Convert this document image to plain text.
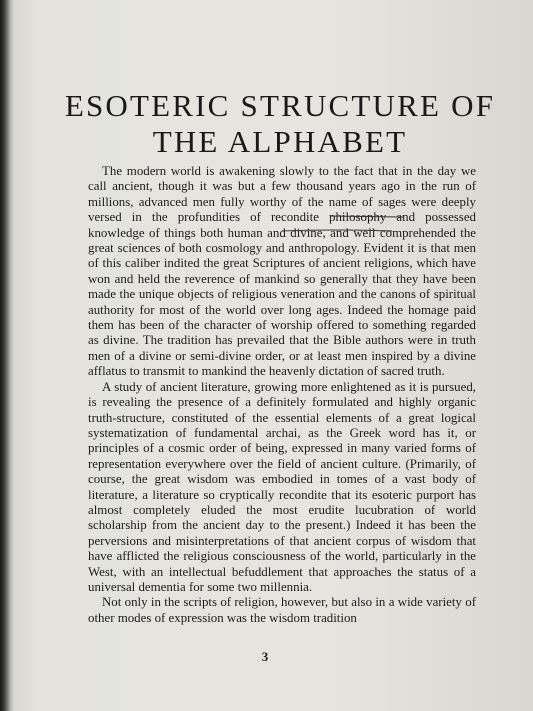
ESOTERIC STRUCTURE OF
THE ALPHABET

The modern world is awakening slowly to the fact that in the day we call ancient, though it was but a few thousand years ago in the run of millions, advanced men fully worthy of the name of sages were deeply versed in the profundities of recondite philosophy and possessed knowledge of things both human and divine, and well comprehended the great sciences of both cosmology and anthropology. Evident it is that men of this caliber indited the great Scriptures of ancient religions, which have won and held the reverence of mankind so generally that they have been made the unique objects of religious veneration and the canons of spiritual authority for most of the world over long ages. Indeed the homage paid them has been of the character of worship offered to something regarded as divine. The tradition has prevailed that the Bible authors were in truth men of a divine or semi-divine order, or at least men inspired by a divine afflatus to transmit to mankind the heavenly dictation of sacred truth.

A study of ancient literature, growing more enlightened as it is pursued, is revealing the presence of a definitely formulated and highly organic truth-structure, constituted of the essential elements of a great logical systematization of fundamental archai, as the Greek word has it, or principles of a cosmic order of being, expressed in many varied forms of representation everywhere over the field of ancient culture. (Primarily, of course, the great wisdom was embodied in tomes of a vast body of literature, a literature so cryptically recondite that its esoteric purport has almost completely eluded the most erudite lucubration of world scholarship from the ancient day to the present.) Indeed it has been the perversions and misinterpretations of that ancient corpus of wisdom that have afflicted the religious consciousness of the world, particularly in the West, with an intellectual befuddlement that approaches the status of a universal dementia for some two millennia.

Not only in the scripts of religion, however, but also in a wide variety of other modes of expression was the wisdom tradition

3
